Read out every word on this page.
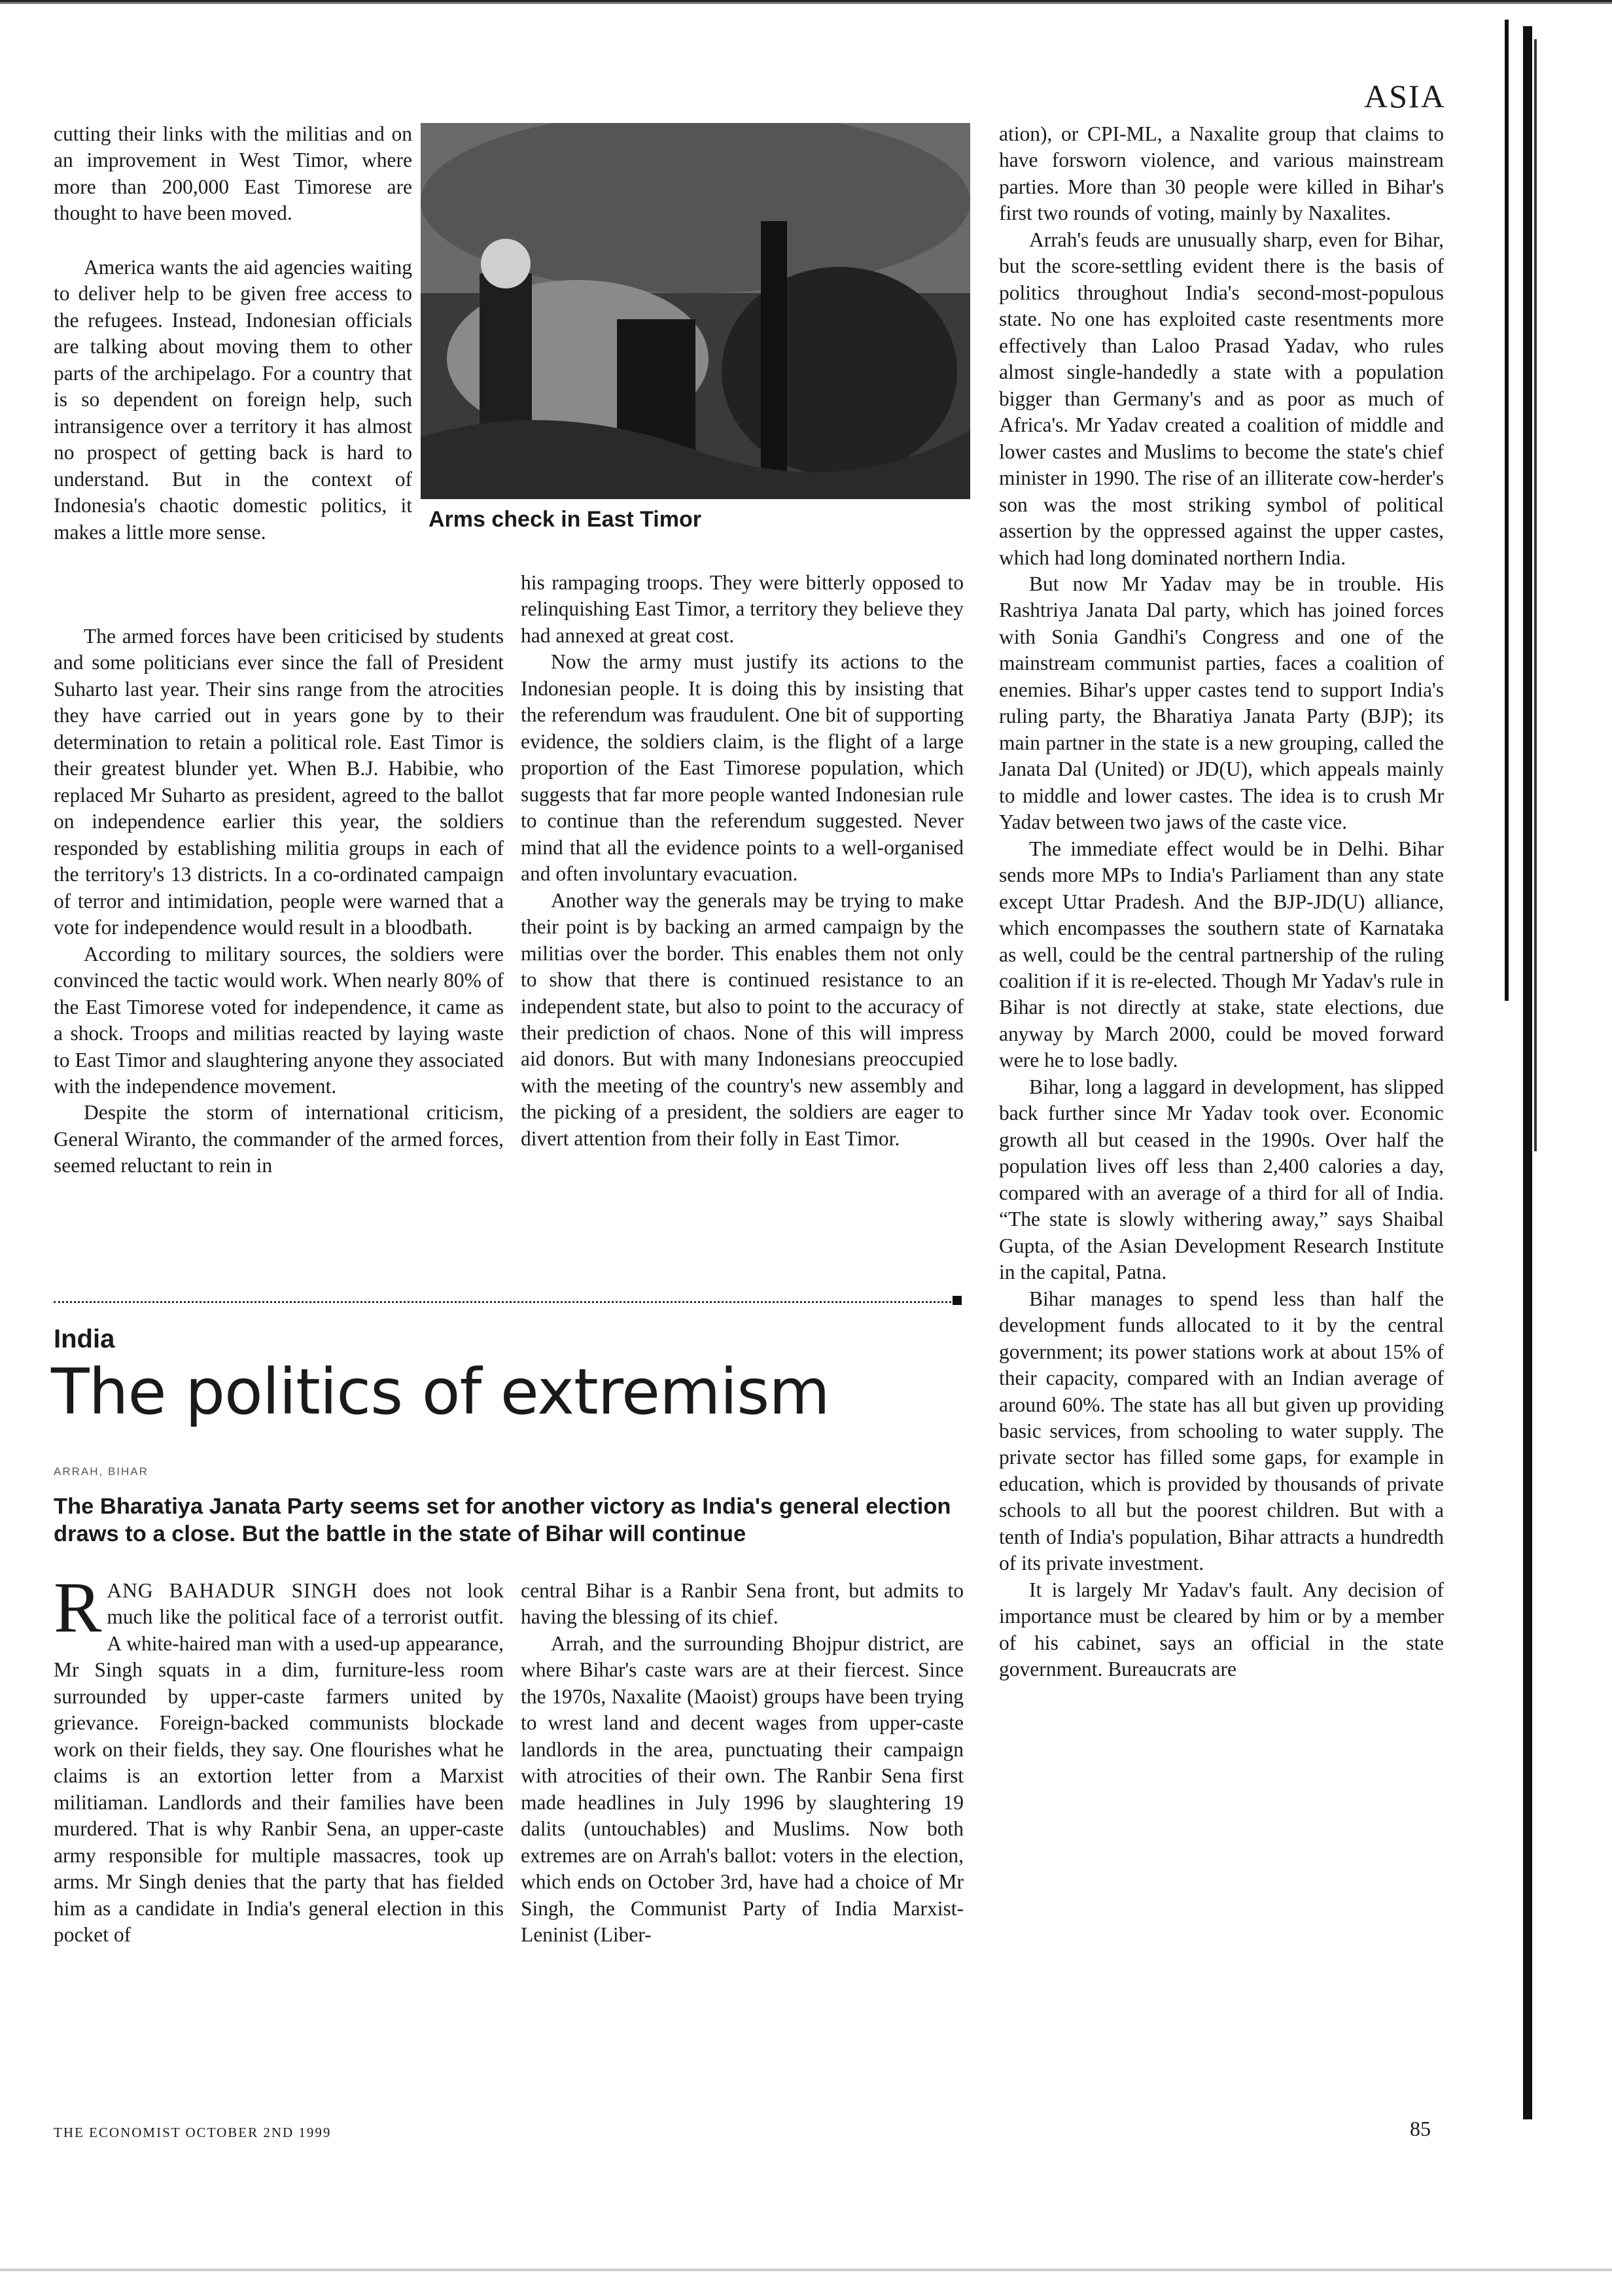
ASIA

cutting their links with the militias and on an improvement in West Timor, where more than 200,000 East Timorese are thought to have been moved.

Arms check in East Timor

America wants the aid agencies waiting to deliver help to be given free access to the refugees. Instead, Indonesian officials are talking about moving them to other parts of the archipelago. For a country that is so dependent on foreign help, such intransigence over a territory it has almost no prospect of getting back is hard to understand. But in the context of Indonesia's chaotic domestic politics, it makes a little more sense.

The armed forces have been criticised by students and some politicians ever since the fall of President Suharto last year. Their sins range from the atrocities they have carried out in years gone by to their determination to retain a political role. East Timor is their greatest blunder yet. When B.J. Habibie, who replaced Mr Suharto as president, agreed to the ballot on independence earlier this year, the soldiers responded by establishing militia groups in each of the territory's 13 districts. In a co-ordinated campaign of terror and intimidation, people were warned that a vote for independence would result in a bloodbath.

According to military sources, the soldiers were convinced the tactic would work. When nearly 80% of the East Timorese voted for independence, it came as a shock. Troops and militias reacted by laying waste to East Timor and slaughtering anyone they associated with the independence movement.

Despite the storm of international criticism, General Wiranto, the commander of the armed forces, seemed reluctant to rein in

his rampaging troops. They were bitterly opposed to relinquishing East Timor, a territory they believe they had annexed at great cost.

Now the army must justify its actions to the Indonesian people. It is doing this by insisting that the referendum was fraudulent. One bit of supporting evidence, the soldiers claim, is the flight of a large proportion of the East Timorese population, which suggests that far more people wanted Indonesian rule to continue than the referendum suggested. Never mind that all the evidence points to a well-organised and often involuntary evacuation.

Another way the generals may be trying to make their point is by backing an armed campaign by the militias over the border. This enables them not only to show that there is continued resistance to an independent state, but also to point to the accuracy of their prediction of chaos. None of this will impress aid donors. But with many Indonesians preoccupied with the meeting of the country's new assembly and the picking of a president, the soldiers are eager to divert attention from their folly in East Timor.

India
The politics of extremism
ARRAH, BIHAR
The Bharatiya Janata Party seems set for another victory as India's general election draws to a close. But the battle in the state of Bihar will continue

RANG BAHADUR SINGH does not look much like the political face of a terrorist outfit. A white-haired man with a used-up appearance, Mr Singh squats in a dim, furniture-less room surrounded by upper-caste farmers united by grievance. Foreign-backed communists blockade work on their fields, they say. One flourishes what he claims is an extortion letter from a Marxist militiaman. Landlords and their families have been murdered. That is why Ranbir Sena, an upper-caste army responsible for multiple massacres, took up arms. Mr Singh denies that the party that has fielded him as a candidate in India's general election in this pocket of

central Bihar is a Ranbir Sena front, but admits to having the blessing of its chief.

Arrah, and the surrounding Bhojpur district, are where Bihar's caste wars are at their fiercest. Since the 1970s, Naxalite (Maoist) groups have been trying to wrest land and decent wages from upper-caste landlords in the area, punctuating their campaign with atrocities of their own. The Ranbir Sena first made headlines in July 1996 by slaughtering 19 dalits (untouchables) and Muslims. Now both extremes are on Arrah's ballot: voters in the election, which ends on October 3rd, have had a choice of Mr Singh, the Communist Party of India Marxist-Leninist (Liber-

ation), or CPI-ML, a Naxalite group that claims to have forsworn violence, and various mainstream parties. More than 30 people were killed in Bihar's first two rounds of voting, mainly by Naxalites.

Arrah's feuds are unusually sharp, even for Bihar, but the score-settling evident there is the basis of politics throughout India's second-most-populous state. No one has exploited caste resentments more effectively than Laloo Prasad Yadav, who rules almost single-handedly a state with a population bigger than Germany's and as poor as much of Africa's. Mr Yadav created a coalition of middle and lower castes and Muslims to become the state's chief minister in 1990. The rise of an illiterate cow-herder's son was the most striking symbol of political assertion by the oppressed against the upper castes, which had long dominated northern India.

But now Mr Yadav may be in trouble. His Rashtriya Janata Dal party, which has joined forces with Sonia Gandhi's Congress and one of the mainstream communist parties, faces a coalition of enemies. Bihar's upper castes tend to support India's ruling party, the Bharatiya Janata Party (BJP); its main partner in the state is a new grouping, called the Janata Dal (United) or JD(U), which appeals mainly to middle and lower castes. The idea is to crush Mr Yadav between two jaws of the caste vice.

The immediate effect would be in Delhi. Bihar sends more MPs to India's Parliament than any state except Uttar Pradesh. And the BJP-JD(U) alliance, which encompasses the southern state of Karnataka as well, could be the central partnership of the ruling coalition if it is re-elected. Though Mr Yadav's rule in Bihar is not directly at stake, state elections, due anyway by March 2000, could be moved forward were he to lose badly.

Bihar, long a laggard in development, has slipped back further since Mr Yadav took over. Economic growth all but ceased in the 1990s. Over half the population lives off less than 2,400 calories a day, compared with an average of a third for all of India. “The state is slowly withering away,” says Shaibal Gupta, of the Asian Development Research Institute in the capital, Patna.

Bihar manages to spend less than half the development funds allocated to it by the central government; its power stations work at about 15% of their capacity, compared with an Indian average of around 60%. The state has all but given up providing basic services, from schooling to water supply. The private sector has filled some gaps, for example in education, which is provided by thousands of private schools to all but the poorest children. But with a tenth of India's population, Bihar attracts a hundredth of its private investment.

It is largely Mr Yadav's fault. Any decision of importance must be cleared by him or by a member of his cabinet, says an official in the state government. Bureaucrats are

THE ECONOMIST OCTOBER 2ND 1999	85
